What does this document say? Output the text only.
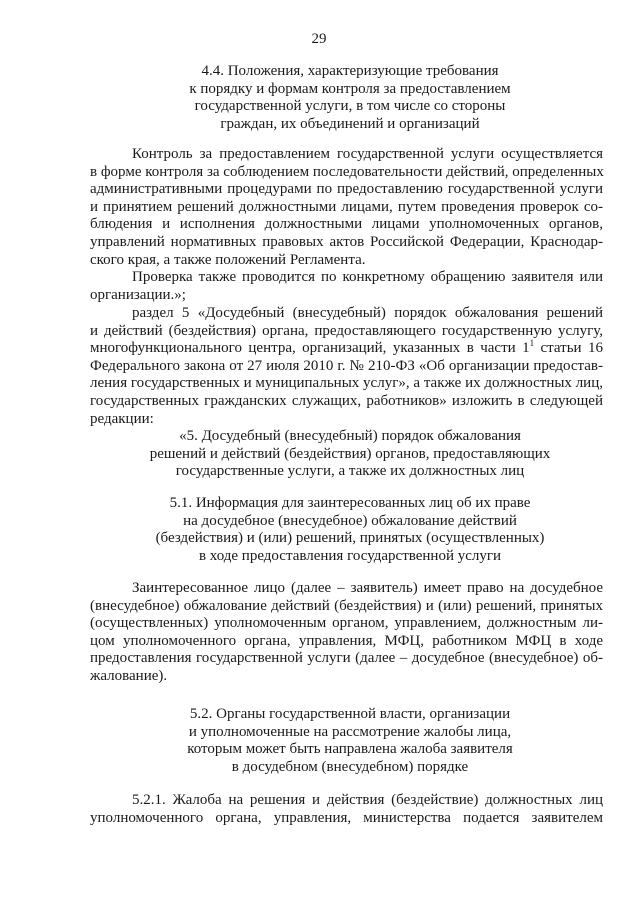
29
4.4. Положения, характеризующие требования
к порядку и формам контроля за предоставлением
государственной услуги, в том числе со стороны
граждан, их объединений и организаций
Контроль за предоставлением государственной услуги осуществляется
в форме контроля за соблюдением последовательности действий, определенных
административными процедурами по предоставлению государственной услуги
и принятием решений должностными лицами, путем проведения проверок со-
блюдения и исполнения должностными лицами уполномоченных органов,
управлений нормативных правовых актов Российской Федерации, Краснодар-
ского края, а также положений Регламента.
Проверка также проводится по конкретному обращению заявителя или
организации.»;
раздел 5 «Досудебный (внесудебный) порядок обжалования решений
и действий (бездействия) органа, предоставляющего государственную услугу,
многофункционального центра, организаций, указанных в части $1^1$ статьи 16
Федерального закона от 27 июля 2010 г. № 210-ФЗ «Об организации предостав-
ления государственных и муниципальных услуг», а также их должностных лиц,
государственных гражданских служащих, работников» изложить в следующей
редакции:
«5. Досудебный (внесудебный) порядок обжалования
решений и действий (бездействия) органов, предоставляющих
государственные услуги, а также их должностных лиц
5.1. Информация для заинтересованных лиц об их праве
на досудебное (внесудебное) обжалование действий
(бездействия) и (или) решений, принятых (осуществленных)
в ходе предоставления государственной услуги
Заинтересованное лицо (далее – заявитель) имеет право на досудебное
(внесудебное) обжалование действий (бездействия) и (или) решений, принятых
(осуществленных) уполномоченным органом, управлением, должностным ли-
цом уполномоченного органа, управления, МФЦ, работником МФЦ в ходе
предоставления государственной услуги (далее – досудебное (внесудебное) об-
жалование).
5.2. Органы государственной власти, организации
и уполномоченные на рассмотрение жалобы лица,
которым может быть направлена жалоба заявителя
в досудебном (внесудебном) порядке
5.2.1. Жалоба на решения и действия (бездействие) должностных лиц
уполномоченного органа, управления, министерства подается заявителем
